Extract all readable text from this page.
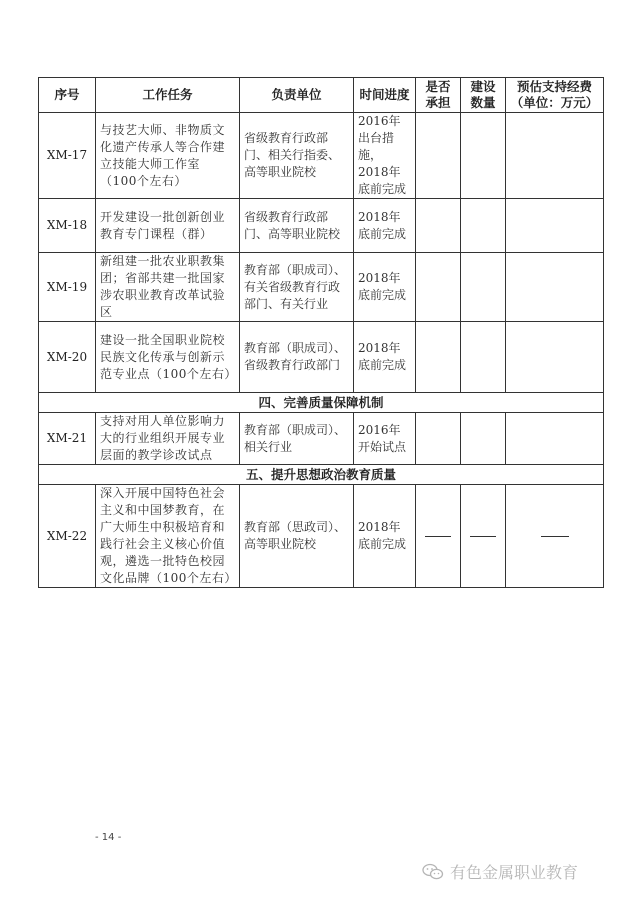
序号	工作任务	负责单位	时间进度	是否承担	建设数量	预估支持经费（单位：万元）
XM-17	与技艺大师、非物质文化遗产传承人等合作建立技能大师工作室（100个左右）	省级教育行政部门、相关行指委、高等职业院校	2016年出台措施，2018年底前完成			
XM-18	开发建设一批创新创业教育专门课程（群）	省级教育行政部门、高等职业院校	2018年底前完成			
XM-19	新组建一批农业职教集团；省部共建一批国家涉农职业教育改革试验区	教育部（职成司）、有关省级教育行政部门、有关行业	2018年底前完成			
XM-20	建设一批全国职业院校民族文化传承与创新示范专业点（100个左右）	教育部（职成司）、省级教育行政部门	2018年底前完成			
四、完善质量保障机制						
XM-21	支持对用人单位影响力大的行业组织开展专业层面的教学诊改试点	教育部（职成司）、相关行业	2016年开始试点			
五、提升思想政治教育质量						
XM-22	深入开展中国特色社会主义和中国梦教育，在广大师生中积极培育和践行社会主义核心价值观，遴选一批特色校园文化品牌（100个左右）	教育部（思政司）、高等职业院校	2018年底前完成			
- 14 -
有色金属职业教育
